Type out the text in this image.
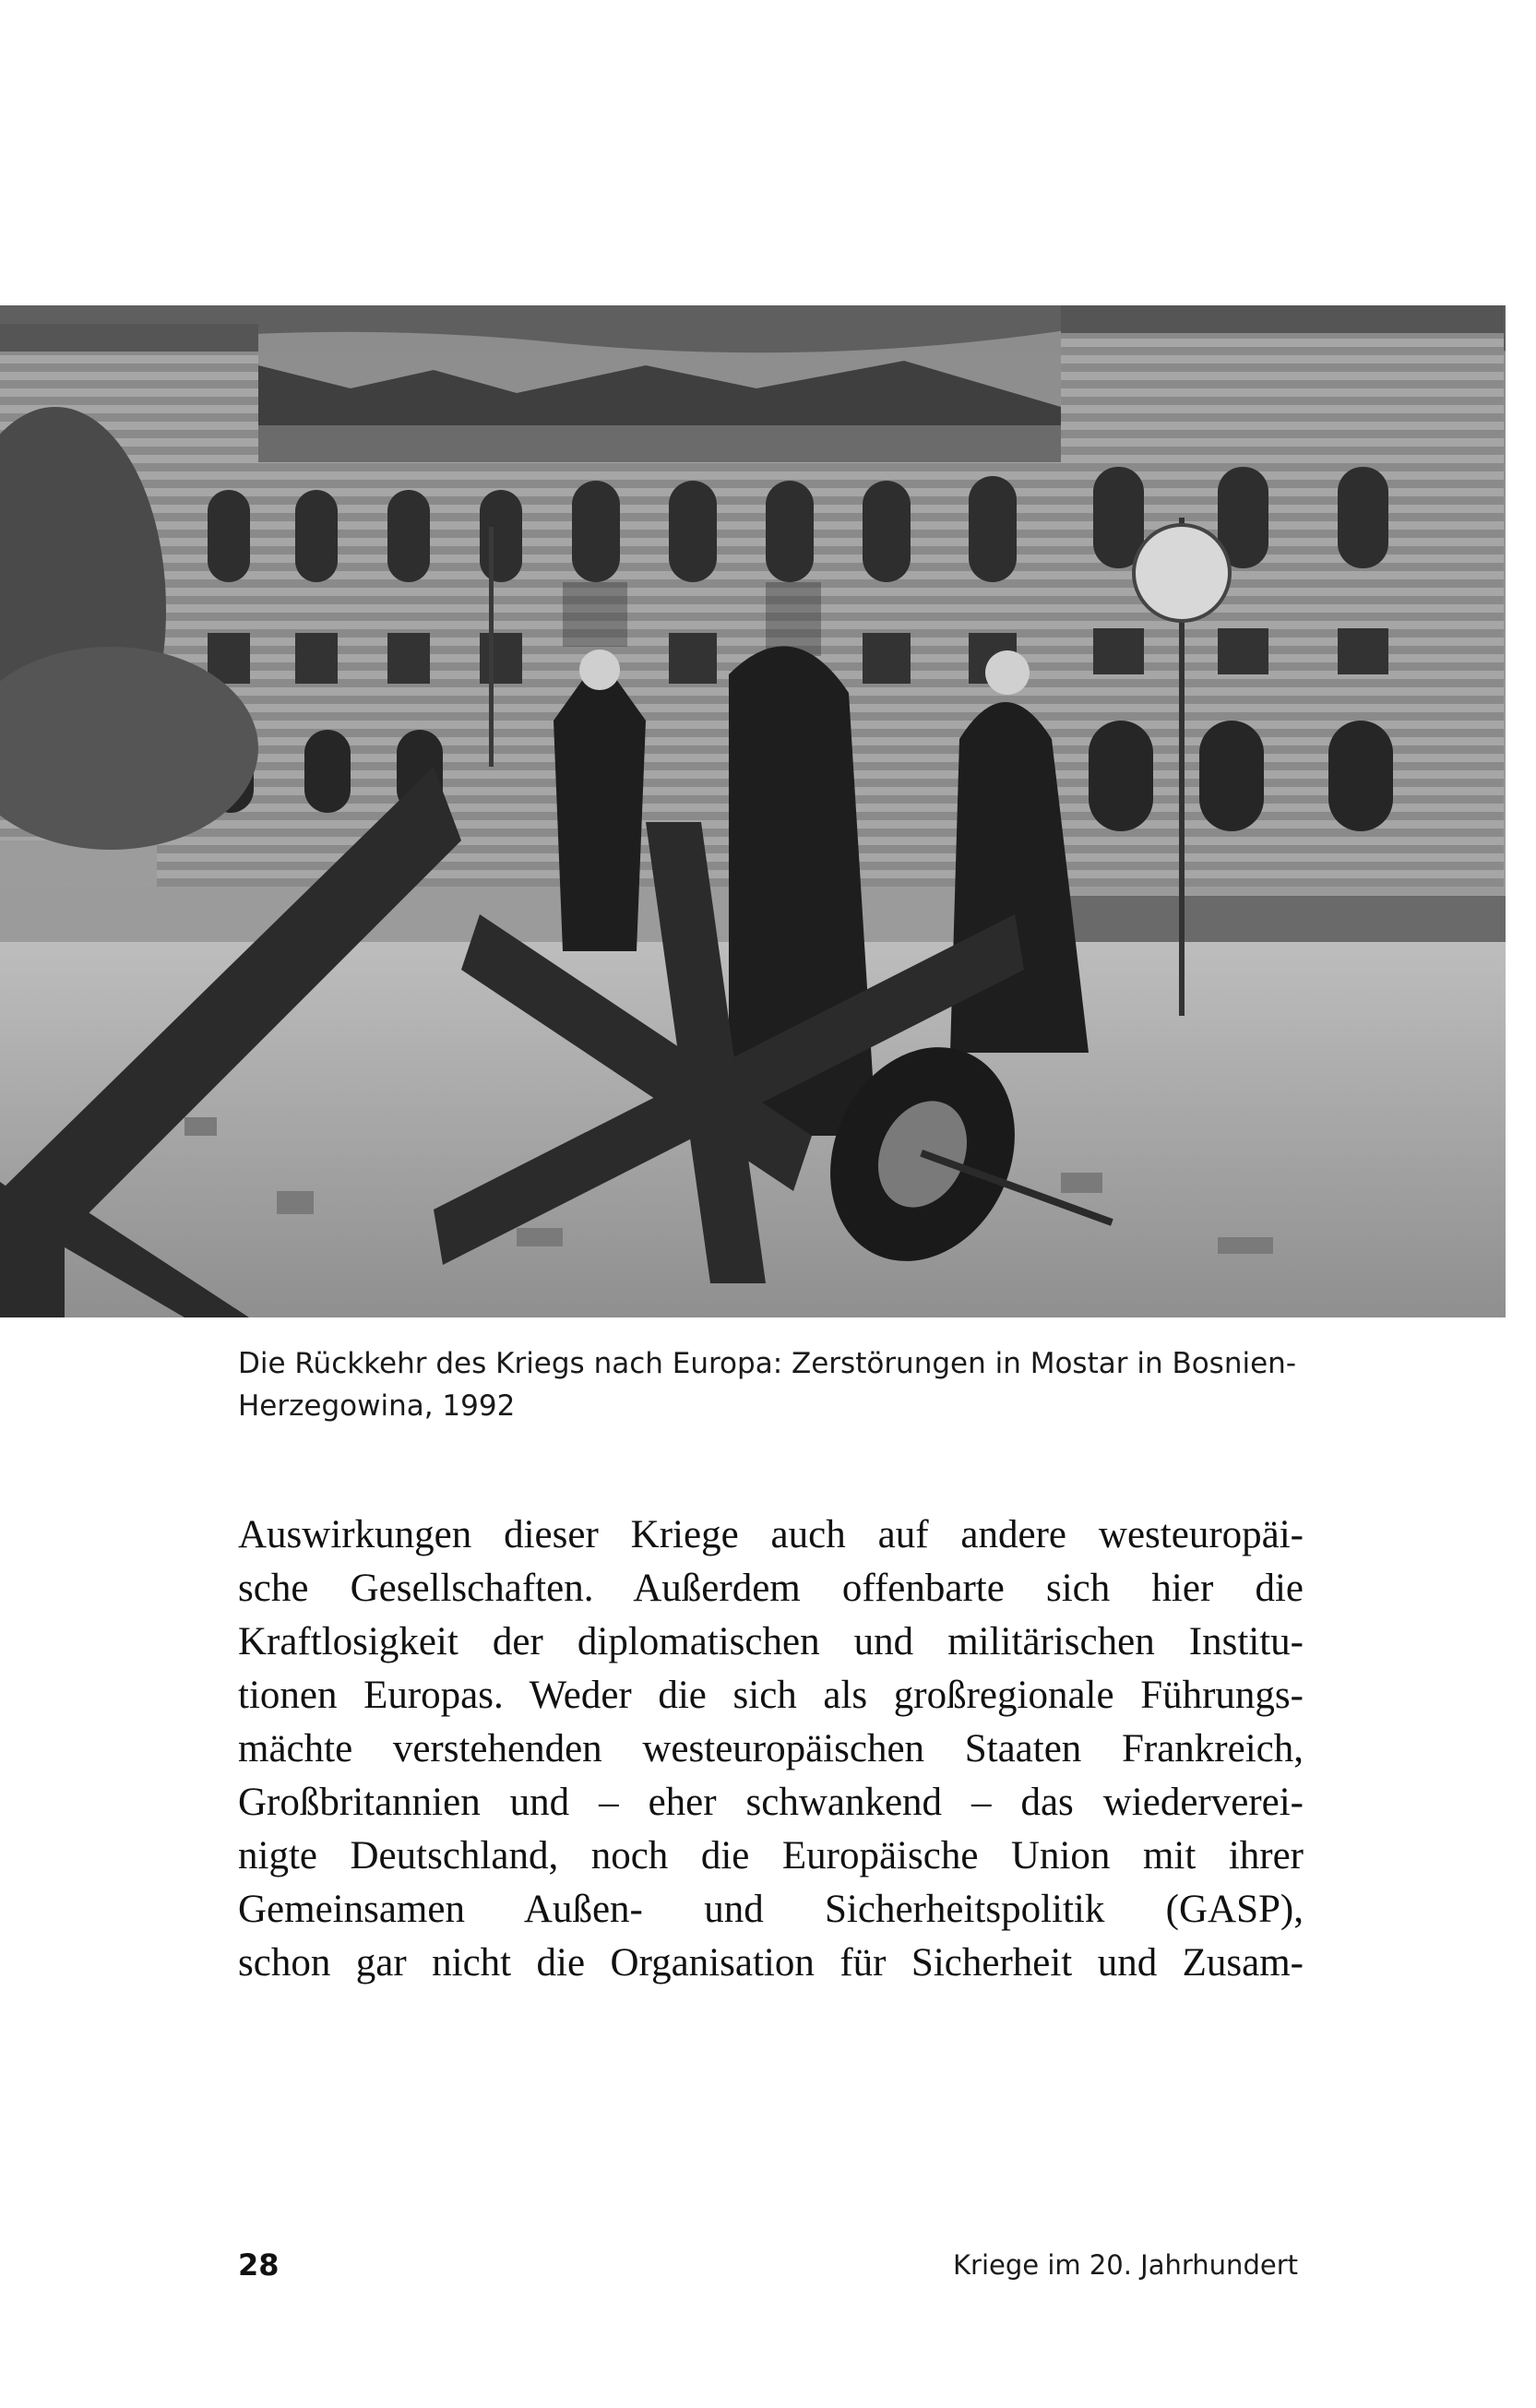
Die Rückkehr des Kriegs nach Europa: Zerstörungen in Mostar in Bosnien-
Herzegowina, 1992

Auswirkungen dieser Kriege auch auf andere westeuropäi-
sche Gesellschaften. Außerdem offenbarte sich hier die
Kraftlosigkeit der diplomatischen und militärischen Institu-
tionen Europas. Weder die sich als großregionale Führungs-
mächte verstehenden westeuropäischen Staaten Frankreich,
Großbritannien und – eher schwankend – das wiederverei-
nigte Deutschland, noch die Europäische Union mit ihrer
Gemeinsamen Außen- und Sicherheitspolitik (GASP),
schon gar nicht die Organisation für Sicherheit und Zusam-
28	Kriege im 20. Jahrhundert
